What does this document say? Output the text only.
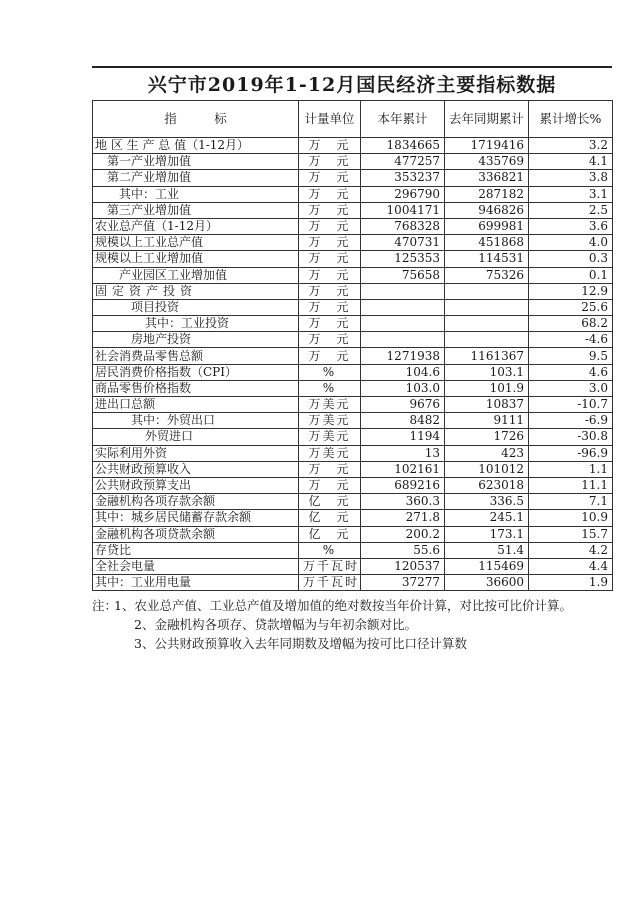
兴宁市2019年1-12月国民经济主要指标数据
指　　　标	计量单位	本年累计	去年同期累计	累计增长%
地 区 生 产 总 值（1-12月）	万　元	1834665	1719416	3.2
第一产业增加值	万　元	477257	435769	4.1
第二产业增加值	万　元	353237	336821	3.8
其中：工业	万　元	296790	287182	3.1
第三产业增加值	万　元	1004171	946826	2.5
农业总产值（1-12月）	万　元	768328	699981	3.6
规模以上工业总产值	万　元	470731	451868	4.0
规模以上工业增加值	万　元	125353	114531	0.3
产业园区工业增加值	万　元	75658	75326	0.1
固定资产投资	万　元			12.9
项目投资	万　元			25.6
其中：工业投资	万　元			68.2
房地产投资	万　元			-4.6
社会消费品零售总额	万　元	1271938	1161367	9.5
居民消费价格指数（CPI）	%	104.6	103.1	4.6
商品零售价格指数	%	103.0	101.9	3.0
进出口总额	万美元	9676	10837	-10.7
其中：外贸出口	万美元	8482	9111	-6.9
外贸进口	万美元	1194	1726	-30.8
实际利用外资	万美元	13	423	-96.9
公共财政预算收入	万　元	102161	101012	1.1
公共财政预算支出	万　元	689216	623018	11.1
金融机构各项存款余额	亿　元	360.3	336.5	7.1
其中：城乡居民储蓄存款余额	亿　元	271.8	245.1	10.9
金融机构各项贷款余额	亿　元	200.2	173.1	15.7
存贷比	%	55.6	51.4	4.2
全社会电量	万千瓦时	120537	115469	4.4
其中：工业用电量	万千瓦时	37277	36600	1.9
注：1、农业总产值、工业总产值及增加值的绝对数按当年价计算，对比按可比价计算。
2、金融机构各项存、贷款增幅为与年初余额对比。
3、公共财政预算收入去年同期数及增幅为按可比口径计算数
